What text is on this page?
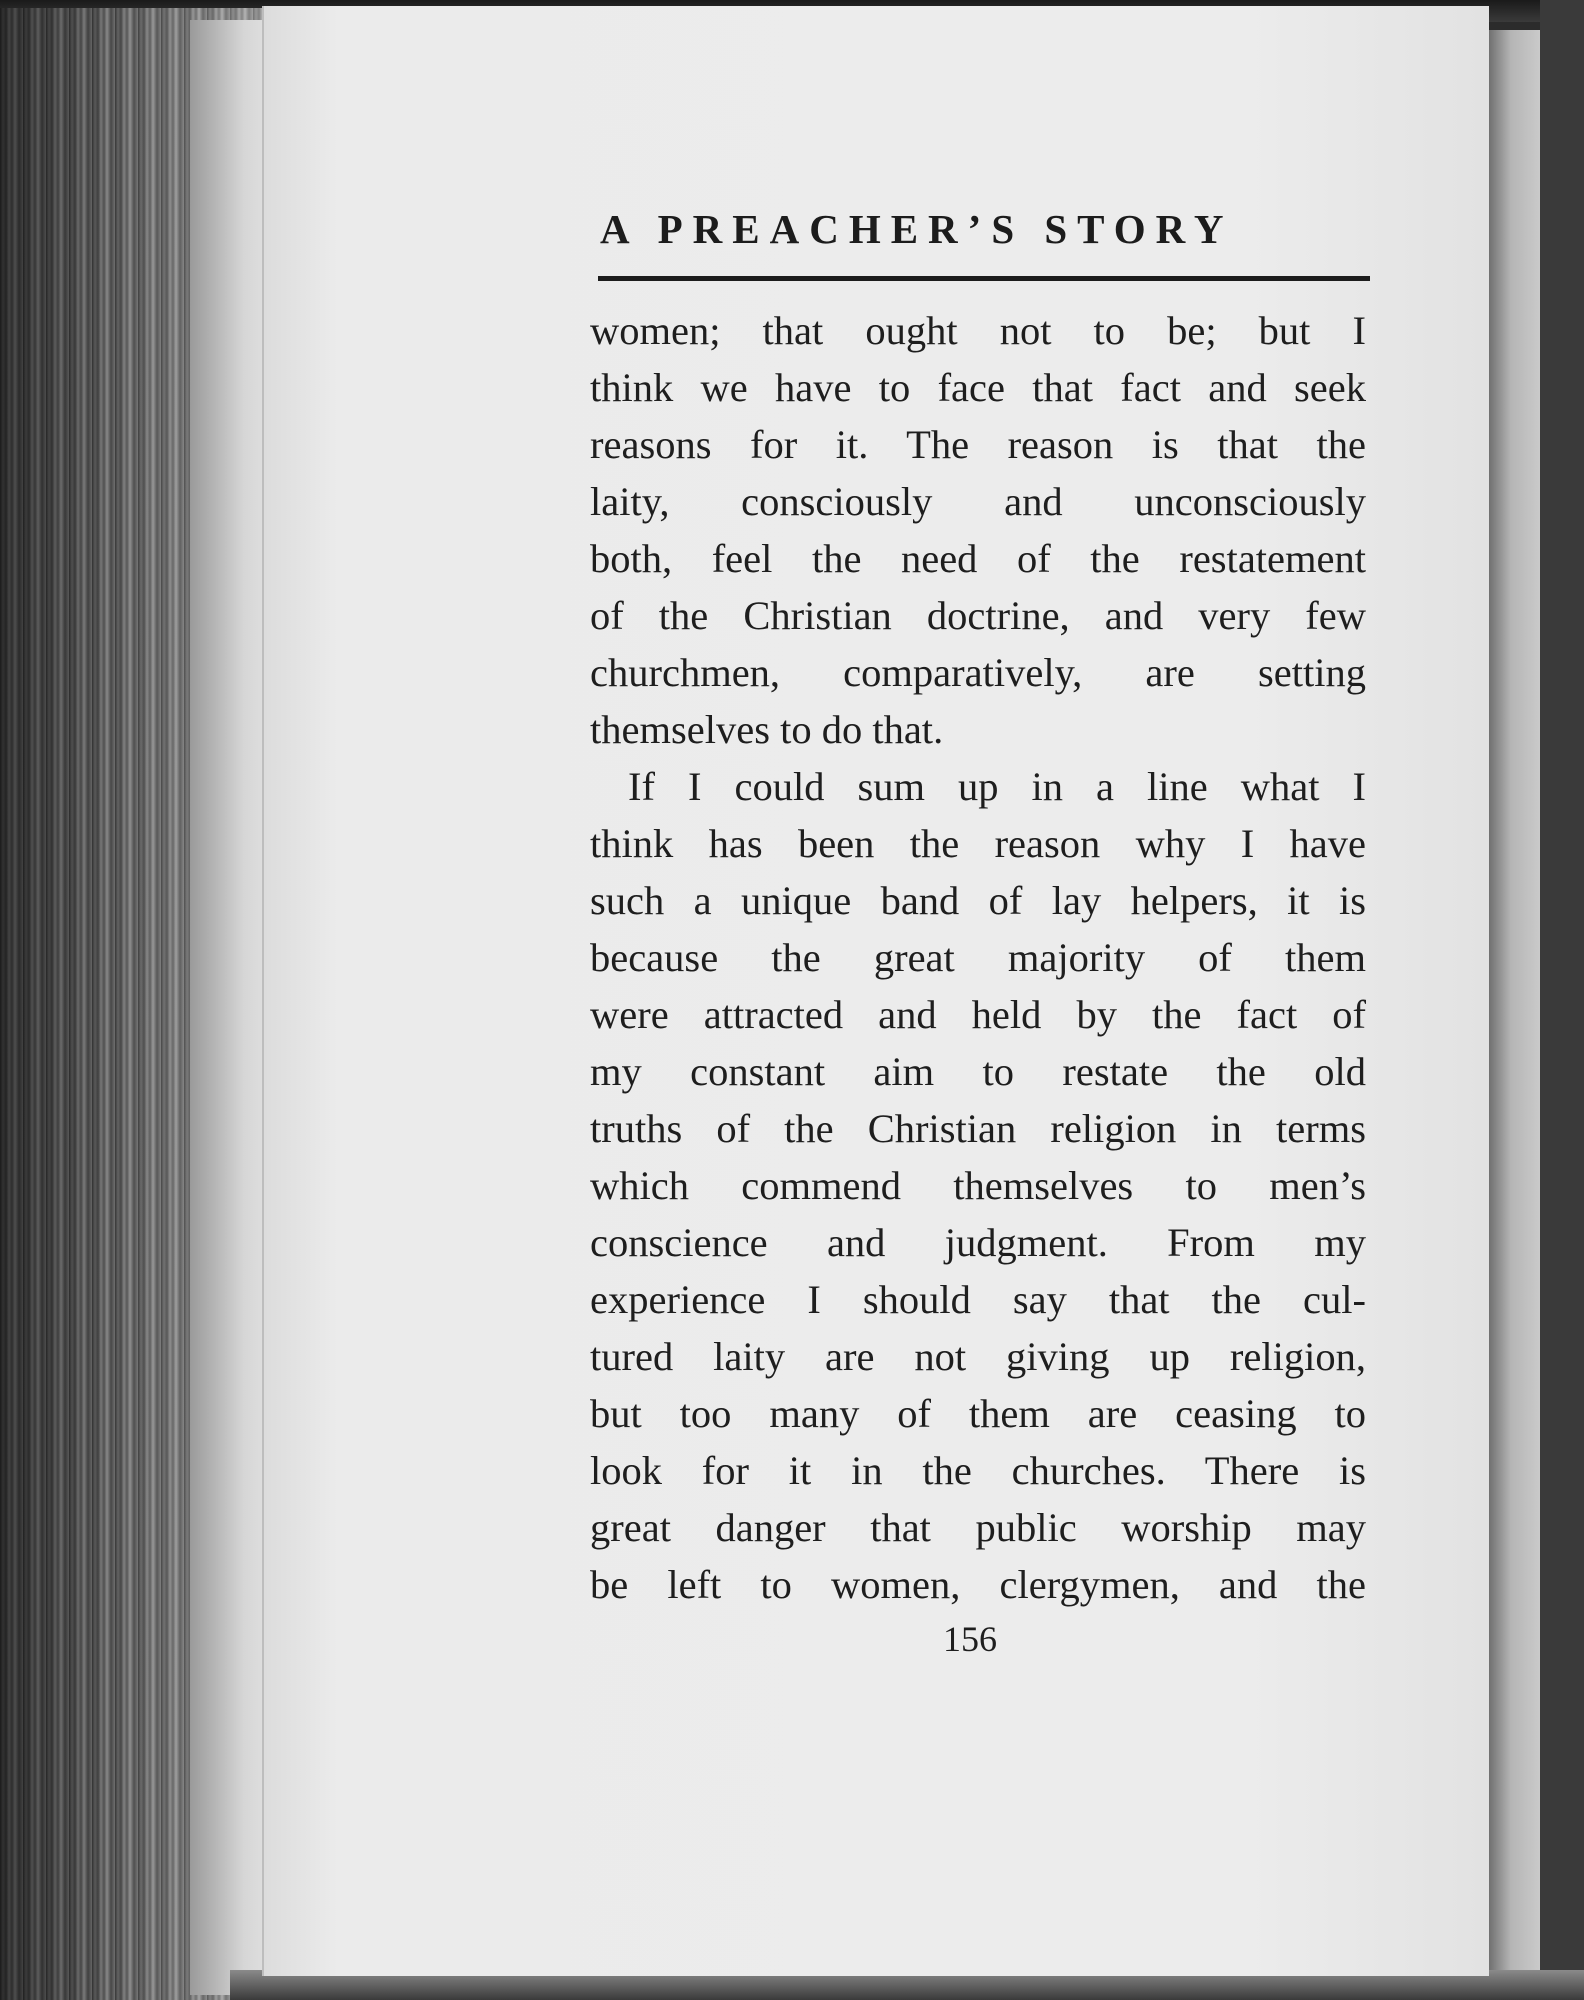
A PREACHER’S STORY
women; that ought not to be; but I
think we have to face that fact and seek
reasons for it. The reason is that the
laity, consciously and unconsciously
both, feel the need of the restatement
of the Christian doctrine, and very few
churchmen, comparatively, are setting
themselves to do that.
If I could sum up in a line what I
think has been the reason why I have
such a unique band of lay helpers, it is
because the great majority of them
were attracted and held by the fact of
my constant aim to restate the old
truths of the Christian religion in terms
which commend themselves to men’s
conscience and judgment. From my
experience I should say that the cul-
tured laity are not giving up religion,
but too many of them are ceasing to
look for it in the churches. There is
great danger that public worship may
be left to women, clergymen, and the
156
